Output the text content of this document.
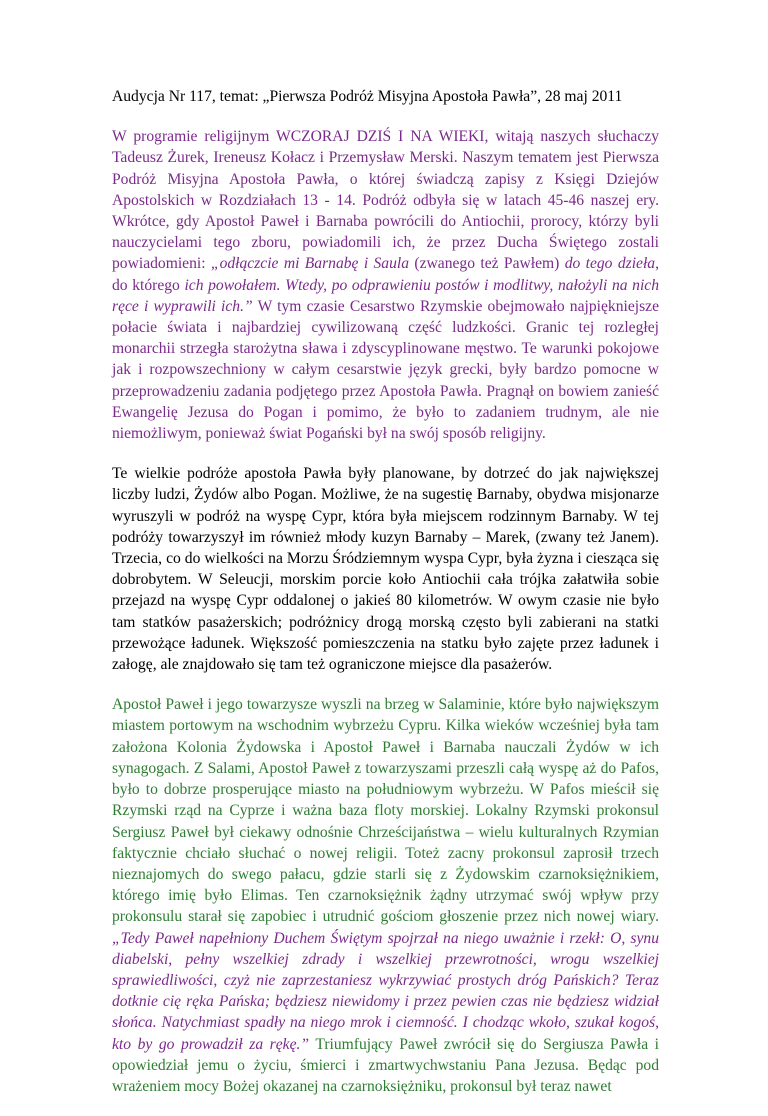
Audycja Nr 117, temat: „Pierwsza Podróż Misyjna Apostoła Pawła”, 28 maj 2011

W programie religijnym WCZORAJ DZIŚ I NA WIEKI, witają naszych słuchaczy Tadeusz Żurek, Ireneusz Kołacz i Przemysław Merski. Naszym tematem jest Pierwsza Podróż Misyjna Apostoła Pawła, o której świadczą zapisy z Księgi Dziejów Apostolskich w Rozdziałach 13 - 14. Podróż odbyła się w latach 45-46 naszej ery. Wkrótce, gdy Apostoł Paweł i Barnaba powrócili do Antiochii, prorocy, którzy byli nauczycielami tego zboru, powiadomili ich, że przez Ducha Świętego zostali powiadomieni: „odłączcie mi Barnabę i Saula (zwanego też Pawłem) do tego dzieła, do którego ich powołałem. Wtedy, po odprawieniu postów i modlitwy, nałożyli na nich ręce i wyprawili ich.” W tym czasie Cesarstwo Rzymskie obejmowało najpiękniejsze połacie świata i najbardziej cywilizowaną część ludzkości. Granic tej rozległej monarchii strzegła starożytna sława i zdyscyplinowane męstwo. Te warunki pokojowe jak i rozpowszechniony w całym cesarstwie język grecki, były bardzo pomocne w przeprowadzeniu zadania podjętego przez Apostoła Pawła. Pragnął on bowiem zanieść Ewangelię Jezusa do Pogan i pomimo, że było to zadaniem trudnym, ale nie niemożliwym, ponieważ świat Pogański był na swój sposób religijny.

Te wielkie podróże apostoła Pawła były planowane, by dotrzeć do jak największej liczby ludzi, Żydów albo Pogan. Możliwe, że na sugestię Barnaby, obydwa misjonarze wyruszyli w podróż na wyspę Cypr, która była miejscem rodzinnym Barnaby. W tej podróży towarzyszył im również młody kuzyn Barnaby – Marek, (zwany też Janem). Trzecia, co do wielkości na Morzu Śródziemnym wyspa Cypr, była żyzna i ciesząca się dobrobytem. W Seleucji, morskim porcie koło Antiochii cała trójka załatwiła sobie przejazd na wyspę Cypr oddalonej o jakieś 80 kilometrów. W owym czasie nie było tam statków pasażerskich; podróżnicy drogą morską często byli zabierani na statki przewożące ładunek. Większość pomieszczenia na statku było zajęte przez ładunek i załogę, ale znajdowało się tam też ograniczone miejsce dla pasażerów.

Apostoł Paweł i jego towarzysze wyszli na brzeg w Salaminie, które było największym miastem portowym na wschodnim wybrzeżu Cypru. Kilka wieków wcześniej była tam założona Kolonia Żydowska i Apostoł Paweł i Barnaba nauczali Żydów w ich synagogach. Z Salami, Apostoł Paweł z towarzyszami przeszli całą wyspę aż do Pafos, było to dobrze prosperujące miasto na południowym wybrzeżu. W Pafos mieścił się Rzymski rząd na Cyprze i ważna baza floty morskiej. Lokalny Rzymski prokonsul Sergiusz Paweł był ciekawy odnośnie Chrześcijaństwa – wielu kulturalnych Rzymian faktycznie chciało słuchać o nowej religii. Toteż zacny prokonsul zaprosił trzech nieznajomych do swego pałacu, gdzie starli się z Żydowskim czarnoksiężnikiem, którego imię było Elimas. Ten czarnoksiężnik żądny utrzymać swój wpływ przy prokonsulu starał się zapobiec i utrudnić gościom głoszenie przez nich nowej wiary. „Tedy Paweł napełniony Duchem Świętym spojrzał na niego uważnie i rzekł: O, synu diabelski, pełny wszelkiej zdrady i wszelkiej przewrotności, wrogu wszelkiej sprawiedliwości, czyż nie zaprzestaniesz wykrzywiać prostych dróg Pańskich? Teraz dotknie cię ręka Pańska; będziesz niewidomy i przez pewien czas nie będziesz widział słońca. Natychmiast spadły na niego mrok i ciemność. I chodząc wkoło, szukał kogoś, kto by go prowadził za rękę.” Triumfujący Paweł zwrócił się do Sergiusza Pawła i opowiedział jemu o życiu, śmierci i zmartwychwstaniu Pana Jezusa. Będąc pod wrażeniem mocy Bożej okazanej na czarnoksiężniku, prokonsul był teraz nawet
